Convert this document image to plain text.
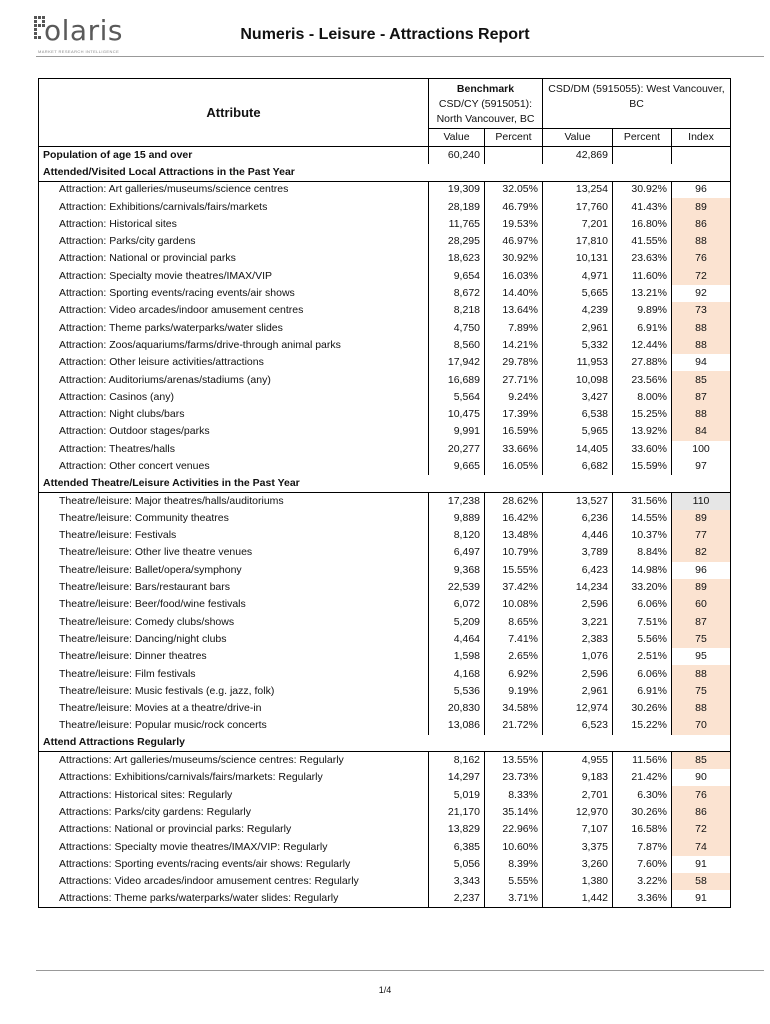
olaris
MARKET RESEARCH INTELLIGENCE
Numeris - Leisure - Attractions Report
Attribute	Benchmark
CSD/CY (5915051): North Vancouver, BC		CSD/DM (5915055): West Vancouver, BC		
	Value	Percent	Value	Percent	Index
Population of age 15 and over	60,240		42,869		
Attended/Visited Local Attractions in the Past Year					
Attraction: Art galleries/museums/science centres	19,309	32.05%	13,254	30.92%	96
Attraction: Exhibitions/carnivals/fairs/markets	28,189	46.79%	17,760	41.43%	89
Attraction: Historical sites	11,765	19.53%	7,201	16.80%	86
Attraction: Parks/city gardens	28,295	46.97%	17,810	41.55%	88
Attraction: National or provincial parks	18,623	30.92%	10,131	23.63%	76
Attraction: Specialty movie theatres/IMAX/VIP	9,654	16.03%	4,971	11.60%	72
Attraction: Sporting events/racing events/air shows	8,672	14.40%	5,665	13.21%	92
Attraction: Video arcades/indoor amusement centres	8,218	13.64%	4,239	9.89%	73
Attraction: Theme parks/waterparks/water slides	4,750	7.89%	2,961	6.91%	88
Attraction: Zoos/aquariums/farms/drive-through animal parks	8,560	14.21%	5,332	12.44%	88
Attraction: Other leisure activities/attractions	17,942	29.78%	11,953	27.88%	94
Attraction: Auditoriums/arenas/stadiums (any)	16,689	27.71%	10,098	23.56%	85
Attraction: Casinos (any)	5,564	9.24%	3,427	8.00%	87
Attraction: Night clubs/bars	10,475	17.39%	6,538	15.25%	88
Attraction: Outdoor stages/parks	9,991	16.59%	5,965	13.92%	84
Attraction: Theatres/halls	20,277	33.66%	14,405	33.60%	100
Attraction: Other concert venues	9,665	16.05%	6,682	15.59%	97
Attended Theatre/Leisure Activities in the Past Year					
Theatre/leisure: Major theatres/halls/auditoriums	17,238	28.62%	13,527	31.56%	110
Theatre/leisure: Community theatres	9,889	16.42%	6,236	14.55%	89
Theatre/leisure: Festivals	8,120	13.48%	4,446	10.37%	77
Theatre/leisure: Other live theatre venues	6,497	10.79%	3,789	8.84%	82
Theatre/leisure: Ballet/opera/symphony	9,368	15.55%	6,423	14.98%	96
Theatre/leisure: Bars/restaurant bars	22,539	37.42%	14,234	33.20%	89
Theatre/leisure: Beer/food/wine festivals	6,072	10.08%	2,596	6.06%	60
Theatre/leisure: Comedy clubs/shows	5,209	8.65%	3,221	7.51%	87
Theatre/leisure: Dancing/night clubs	4,464	7.41%	2,383	5.56%	75
Theatre/leisure: Dinner theatres	1,598	2.65%	1,076	2.51%	95
Theatre/leisure: Film festivals	4,168	6.92%	2,596	6.06%	88
Theatre/leisure: Music festivals (e.g. jazz, folk)	5,536	9.19%	2,961	6.91%	75
Theatre/leisure: Movies at a theatre/drive-in	20,830	34.58%	12,974	30.26%	88
Theatre/leisure: Popular music/rock concerts	13,086	21.72%	6,523	15.22%	70
Attend Attractions Regularly					
Attractions: Art galleries/museums/science centres: Regularly	8,162	13.55%	4,955	11.56%	85
Attractions: Exhibitions/carnivals/fairs/markets: Regularly	14,297	23.73%	9,183	21.42%	90
Attractions: Historical sites: Regularly	5,019	8.33%	2,701	6.30%	76
Attractions: Parks/city gardens: Regularly	21,170	35.14%	12,970	30.26%	86
Attractions: National or provincial parks: Regularly	13,829	22.96%	7,107	16.58%	72
Attractions: Specialty movie theatres/IMAX/VIP: Regularly	6,385	10.60%	3,375	7.87%	74
Attractions: Sporting events/racing events/air shows: Regularly	5,056	8.39%	3,260	7.60%	91
Attractions: Video arcades/indoor amusement centres: Regularly	3,343	5.55%	1,380	3.22%	58
Attractions: Theme parks/waterparks/water slides: Regularly	2,237	3.71%	1,442	3.36%	91
1/4
